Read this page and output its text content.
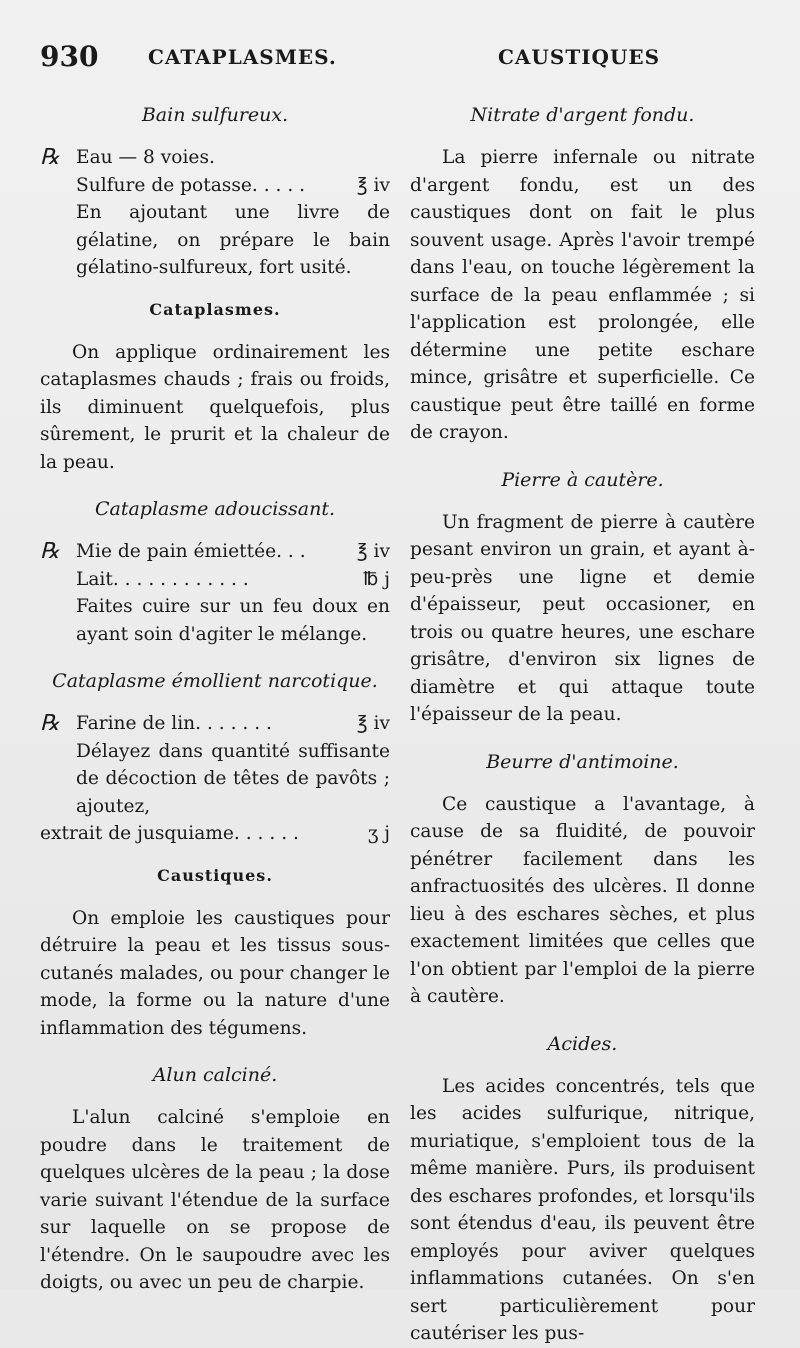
930 CATAPLASMES.	CAUSTIQUES
Bain sulfureux.
℞ Eau — 8 voies.
Sulfure de potasse. . . . .	℥ iv

En ajoutant une livre de gélatine, on prépare le bain gélatino-sulfureux, fort usité.

Cataplasmes.

On applique ordinairement les cataplasmes chauds ; frais ou froids, ils diminuent quelquefois, plus sûrement, le prurit et la chaleur de la peau.

Cataplasme adoucissant.
℞ Mie de pain émiettée. . .	℥ iv
Lait. . . . . . . . . . . .	℔ j

Faites cuire sur un feu doux en ayant soin d'agiter le mélange.

Cataplasme émollient narcotique.
℞ Farine de lin. . . . . . .	℥ iv

Délayez dans quantité suffisante de décoction de têtes de pavôts ; ajoutez,

extrait de jusquiame. . . . . .	ʒ j
Caustiques.

On emploie les caustiques pour détruire la peau et les tissus sous-cutanés malades, ou pour changer le mode, la forme ou la nature d'une inflammation des tégumens.

Alun calciné.

L'alun calciné s'emploie en poudre dans le traitement de quelques ulcères de la peau ; la dose varie suivant l'étendue de la surface sur laquelle on se propose de l'étendre. On le saupoudre avec les doigts, ou avec un peu de charpie.

Nitrate d'argent fondu.

La pierre infernale ou nitrate d'argent fondu, est un des caustiques dont on fait le plus souvent usage. Après l'avoir trempé dans l'eau, on touche légèrement la surface de la peau enflammée ; si l'application est prolongée, elle détermine une petite eschare mince, grisâtre et superficielle. Ce caustique peut être taillé en forme de crayon.

Pierre à cautère.

Un fragment de pierre à cautère pesant environ un grain, et ayant à-peu-près une ligne et demie d'épaisseur, peut occasioner, en trois ou quatre heures, une eschare grisâtre, d'environ six lignes de diamètre et qui attaque toute l'épaisseur de la peau.

Beurre d'antimoine.

Ce caustique a l'avantage, à cause de sa fluidité, de pouvoir pénétrer facilement dans les anfractuosités des ulcères. Il donne lieu à des eschares sèches, et plus exactement limitées que celles que l'on obtient par l'emploi de la pierre à cautère.

Acides.

Les acides concentrés, tels que les acides sulfurique, nitrique, muriatique, s'emploient tous de la même manière. Purs, ils produisent des eschares profondes, et lorsqu'ils sont étendus d'eau, ils peuvent être employés pour aviver quelques inflammations cutanées. On s'en sert particulièrement pour cautériser les pus-
